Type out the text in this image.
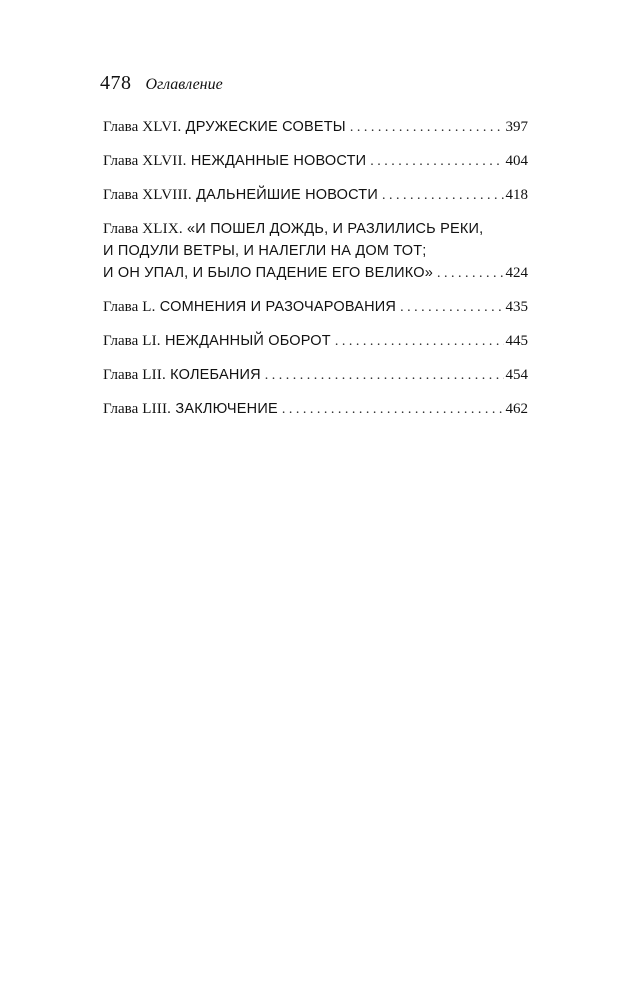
478 Оглавление
Глава XLVI. ДРУЖЕСКИЕ СОВЕТЫ . . .	397
Глава XLVII. НЕЖДАННЫЕ НОВОСТИ . . .	404
Глава XLVIII. ДАЛЬНЕЙШИЕ НОВОСТИ . . .	418
Глава XLIX. «И ПОШЕЛ ДОЖДЬ, И РАЗЛИЛИСЬ РЕКИ,
И ПОДУЛИ ВЕТРЫ, И НАЛЕГЛИ НА ДОМ ТОТ;
И ОН УПАЛ, И БЫЛО ПАДЕНИЕ ЕГО ВЕЛИКО» . . .	424
Глава L. СОМНЕНИЯ И РАЗОЧАРОВАНИЯ . . .	435
Глава LI. НЕЖДАННЫЙ ОБОРОТ . . .	445
Глава LII. КОЛЕБАНИЯ . . .	454
Глава LIII. ЗАКЛЮЧЕНИЕ . . .	462
